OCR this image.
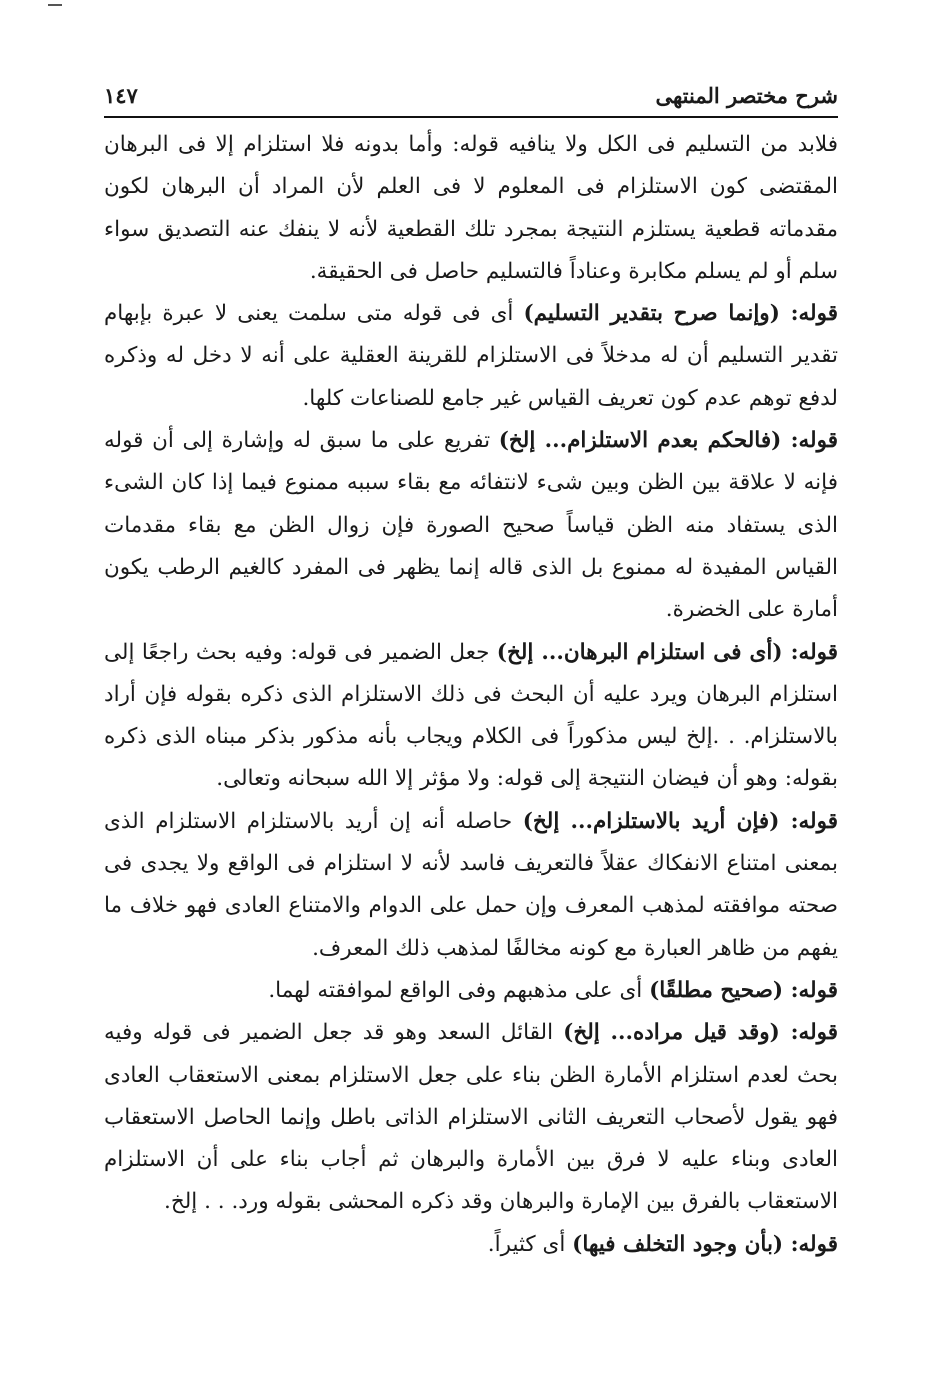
شرح مختصر المنتهى
١٤٧

فلابد من التسليم فى الكل ولا ينافيه قوله: وأما بدونه فلا استلزام إلا فى البرهان المقتضى كون الاستلزام فى المعلوم لا فى العلم لأن المراد أن البرهان لكون مقدماته قطعية يستلزم النتيجة بمجرد تلك القطعية لأنه لا ينفك عنه التصديق سواء سلم أو لم يسلم مكابرة وعناداً فالتسليم حاصل فى الحقيقة.

قوله: (وإنما صرح بتقدير التسليم) أى فى قوله متى سلمت يعنى لا عبرة بإبهام تقدير التسليم أن له مدخلاً فى الاستلزام للقرينة العقلية على أنه لا دخل له وذكره لدفع توهم عدم كون تعريف القياس غير جامع للصناعات كلها.

قوله: (فالحكم بعدم الاستلزام... إلخ) تفريع على ما سبق له وإشارة إلى أن قوله فإنه لا علاقة بين الظن وبين شىء لانتفائه مع بقاء سببه ممنوع فيما إذا كان الشىء الذى يستفاد منه الظن قياساً صحيح الصورة فإن زوال الظن مع بقاء مقدمات القياس المفيدة له ممنوع بل الذى قاله إنما يظهر فى المفرد كالغيم الرطب يكون أمارة على الخضرة.

قوله: (أى فى استلزام البرهان... إلخ) جعل الضمير فى قوله: وفيه بحث راجعًا إلى استلزام البرهان ويرد عليه أن البحث فى ذلك الاستلزام الذى ذكره بقوله فإن أراد بالاستلزام. . .إلخ ليس مذكوراً فى الكلام ويجاب بأنه مذكور بذكر مبناه الذى ذكره بقوله: وهو أن فيضان النتيجة إلى قوله: ولا مؤثر إلا الله سبحانه وتعالى.

قوله: (فإن أريد بالاستلزام... إلخ) حاصله أنه إن أريد بالاستلزام الاستلزام الذى بمعنى امتناع الانفكاك عقلاً فالتعريف فاسد لأنه لا استلزام فى الواقع ولا يجدى فى صحته موافقته لمذهب المعرف وإن حمل على الدوام والامتناع العادى فهو خلاف ما يفهم من ظاهر العبارة مع كونه مخالفًا لمذهب ذلك المعرف.

قوله: (صحيح مطلقًا) أى على مذهبهم وفى الواقع لموافقته لهما.

قوله: (وقد قيل مراده... إلخ) القائل السعد وهو قد جعل الضمير فى قوله وفيه بحث لعدم استلزام الأمارة الظن بناء على جعل الاستلزام بمعنى الاستعقاب العادى فهو يقول لأصحاب التعريف الثانى الاستلزام الذاتى باطل وإنما الحاصل الاستعقاب العادى وبناء عليه لا فرق بين الأمارة والبرهان ثم أجاب بناء على أن الاستلزام الاستعقاب بالفرق بين الإمارة والبرهان وقد ذكره المحشى بقوله ورد. . . إلخ.

قوله: (بأن وجود التخلف فيها) أى كثيراً.
